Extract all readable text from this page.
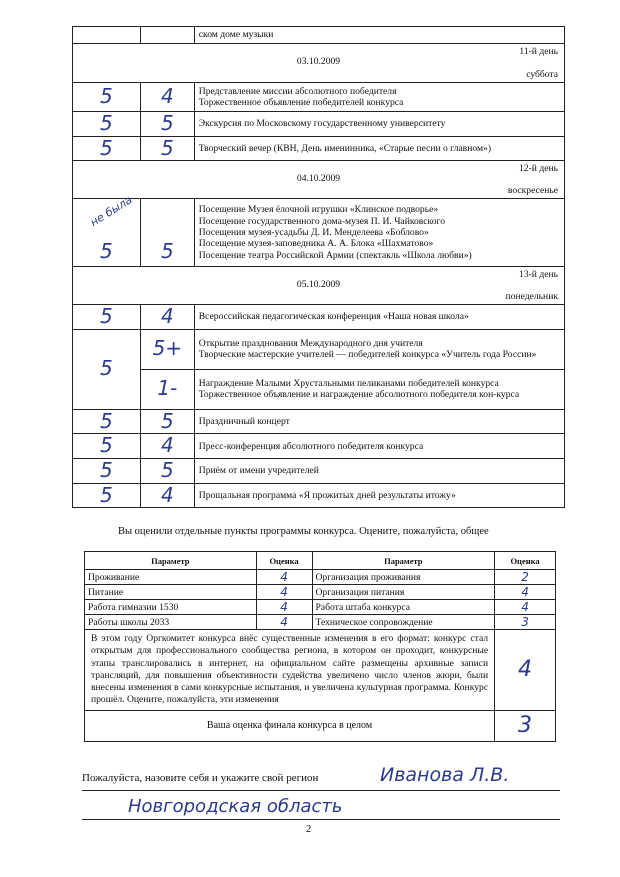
		ском доме музыки

11-й день
03.10.2009
суббота		

5	4	Представление миссии абсолютного победителя
Торжественное объявление победителей конкурса

5	5	Экскурсия по Московскому государственному университету
5	5	Творческий вечер (КВН, День именинника, «Старые песни о главном»)

12-й день
04.10.2009
воскресенье		

5	5	Посещение Музея ёлочной игрушки «Клинское подворье»
Посещение государственного дома-музея П. И. Чайковского
Посещения музея-усадьбы Д. И. Менделеева «Боблово»
Посещение музея-заповедника А. А. Блока «Шахматово»
Посещение театра Российской Армии (спектакль «Школа любви»)

13-й день
05.10.2009
понедельник		

5	4	Всероссийская педагогическая конференция «Наша новая школа»
5	5+	Открытие празднования Международного дня учителя
Творческие мастерские учителей — победителей конкурса «Учитель года России»

	1-	Награждение Малыми Хрустальными пеликанами победителей конкурса
Торжественное объявление и награждение абсолютного победителя кон-курса

5	5	Праздничный концерт
5	4	Пресс-конференция абсолютного победителя конкурса
5	5	Приём от имени учредителей
5	4	Прощальная программа «Я прожитых дней результаты итожу»
не была
Вы оценили отдельные пункты программы конкурса. Оцените, пожалуйста, общее
Параметр	Оценка	Параметр	Оценка
Проживание	4	Организация проживания	2
Питание	4	Организация питания	4
Работа гимназии 1530	4	Работа штаба конкурса	4
Работы школы 2033	4	Техническое сопровождение	3
В этом году Оргкомитет конкурса внёс существенные изменения в его формат: конкурс стал открытым для профессионального сообщества региона, в котором он проходит, конкурсные этапы транслировались в интернет, на официальном сайте размещены архивные записи трансляций, для повышения объективности судейства увеличено число членов жюри, были внесены изменения в сами конкурсные испытания, и увеличена культурная программа. Конкурс прошёл. Оцените, пожалуйста, эти изменения			4
Ваша оценка финала конкурса в целом			3
Пожалуйста, назовите себя и укажите свой регион	Иванова Л.В.
Новгородская область
2
